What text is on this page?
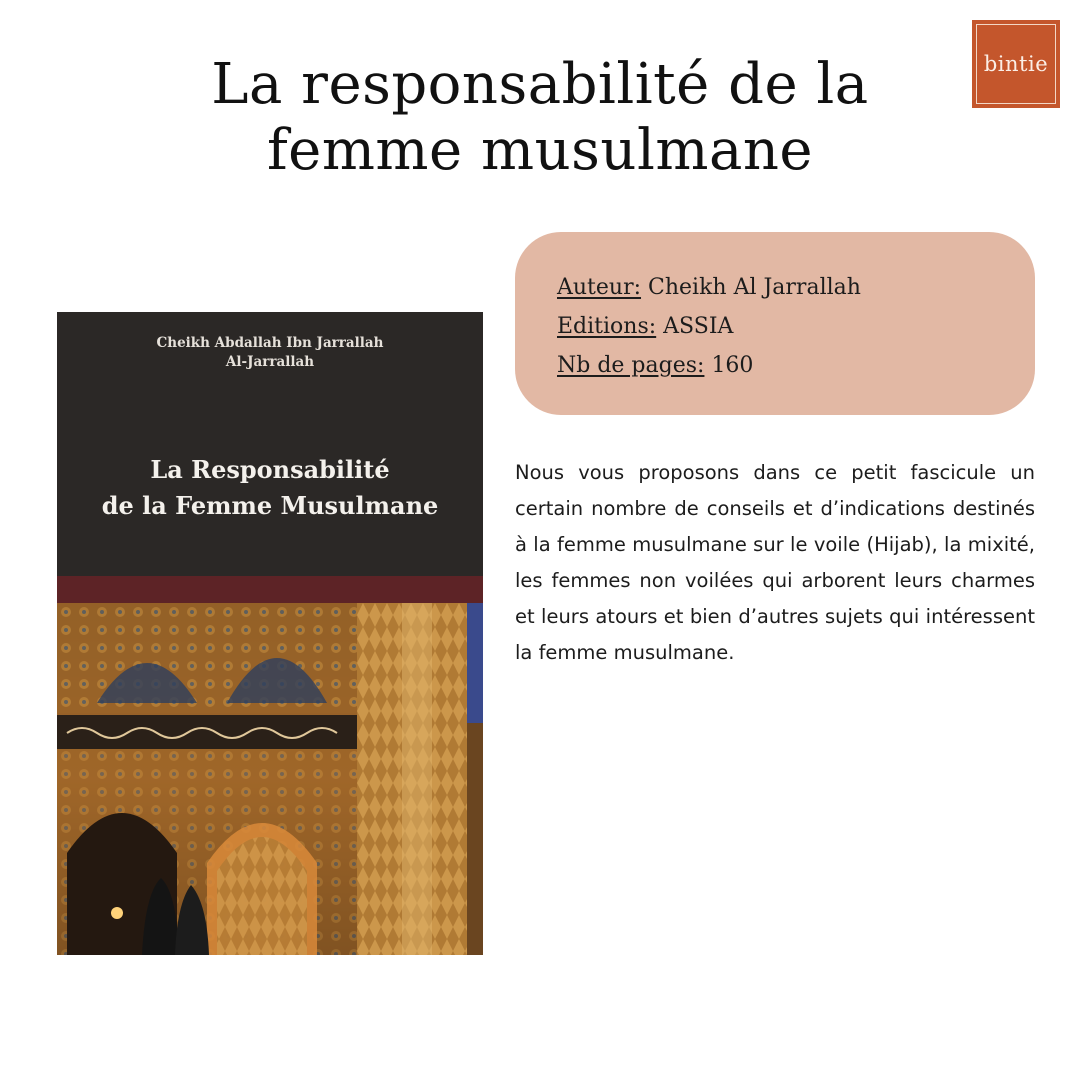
bintie
La responsabilité de la
femme musulmane
Cheikh Abdallah Ibn Jarrallah
Al-Jarrallah
La Responsabilité
de la Femme Musulmane
Auteur: Cheikh Al Jarrallah
Editions: ASSIA
Nb de pages: 160

Nous vous proposons dans ce petit fascicule un certain nombre de conseils et d’indications destinés à la femme musulmane sur le voile (Hijab), la mixité, les femmes non voilées qui arborent leurs charmes et leurs atours et bien d’autres sujets qui intéressent la femme musulmane.
